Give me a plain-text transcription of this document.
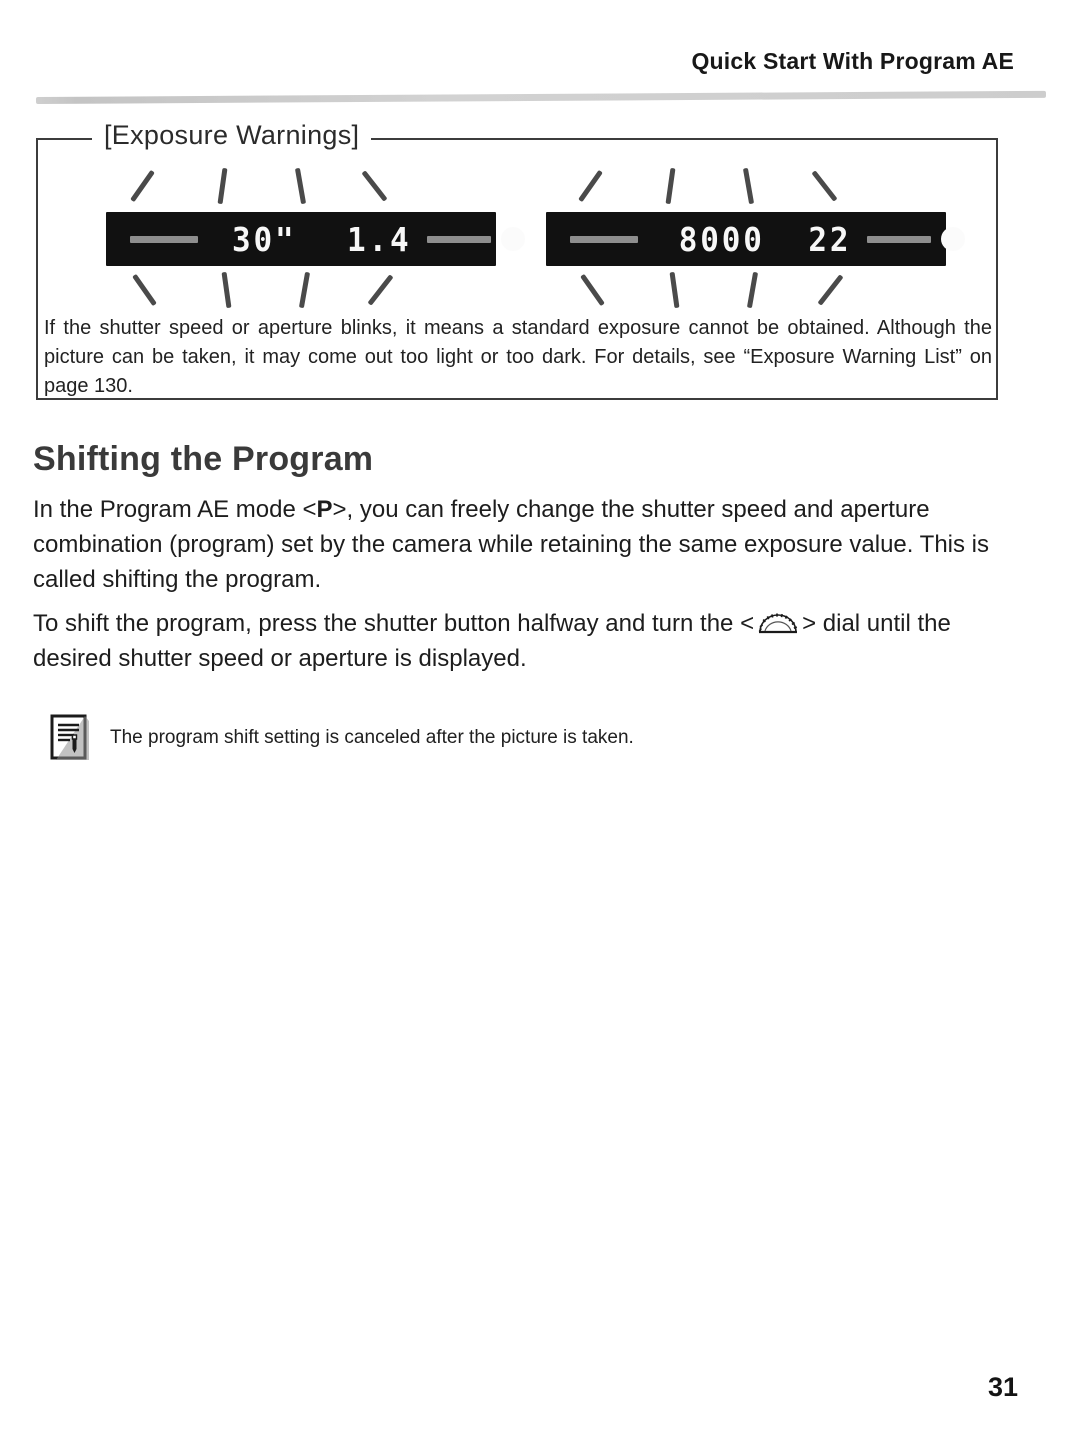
Quick Start With Program AE
[Exposure Warnings]
30" 1.4	8000 22

If the shutter speed or aperture blinks, it means a standard exposure cannot be obtained. Although the picture can be taken, it may come out too light or too dark. For details, see “Exposure Warning List” on page 130.

Shifting the Program

In the Program AE mode <P>, you can freely change the shutter speed and aperture combination (program) set by the camera while retaining the same exposure value. This is called shifting the program.

To shift the program, press the shutter button halfway and turn the < > dial until the desired shutter speed or aperture is displayed.

The program shift setting is canceled after the picture is taken.
31
